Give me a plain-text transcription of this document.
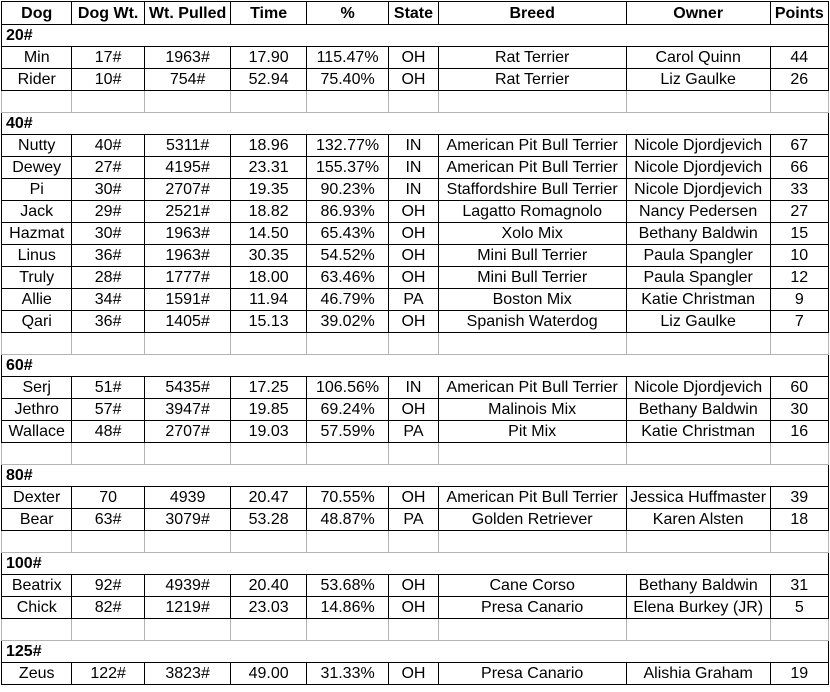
Dog	Dog Wt.	Wt. Pulled	Time	%	State	Breed	Owner	Points
20#								
Min	17#	1963#	17.90	115.47%	OH	Rat Terrier	Carol Quinn	44
Rider	10#	754#	52.94	75.40%	OH	Rat Terrier	Liz Gaulke	26

40#								
Nutty	40#	5311#	18.96	132.77%	IN	American Pit Bull Terrier	Nicole Djordjevich	67
Dewey	27#	4195#	23.31	155.37%	IN	American Pit Bull Terrier	Nicole Djordjevich	66
Pi	30#	2707#	19.35	90.23%	IN	Staffordshire Bull Terrier	Nicole Djordjevich	33
Jack	29#	2521#	18.82	86.93%	OH	Lagatto Romagnolo	Nancy Pedersen	27
Hazmat	30#	1963#	14.50	65.43%	OH	Xolo Mix	Bethany Baldwin	15
Linus	36#	1963#	30.35	54.52%	OH	Mini Bull Terrier	Paula Spangler	10
Truly	28#	1777#	18.00	63.46%	OH	Mini Bull Terrier	Paula Spangler	12
Allie	34#	1591#	11.94	46.79%	PA	Boston Mix	Katie Christman	9
Qari	36#	1405#	15.13	39.02%	OH	Spanish Waterdog	Liz Gaulke	7

60#								
Serj	51#	5435#	17.25	106.56%	IN	American Pit Bull Terrier	Nicole Djordjevich	60
Jethro	57#	3947#	19.85	69.24%	OH	Malinois Mix	Bethany Baldwin	30
Wallace	48#	2707#	19.03	57.59%	PA	Pit Mix	Katie Christman	16

80#								
Dexter	70	4939	20.47	70.55%	OH	American Pit Bull Terrier	Jessica Huffmaster	39
Bear	63#	3079#	53.28	48.87%	PA	Golden Retriever	Karen Alsten	18

100#								
Beatrix	92#	4939#	20.40	53.68%	OH	Cane Corso	Bethany Baldwin	31
Chick	82#	1219#	23.03	14.86%	OH	Presa Canario	Elena Burkey (JR)	5

125#								
Zeus	122#	3823#	49.00	31.33%	OH	Presa Canario	Alishia Graham	19
